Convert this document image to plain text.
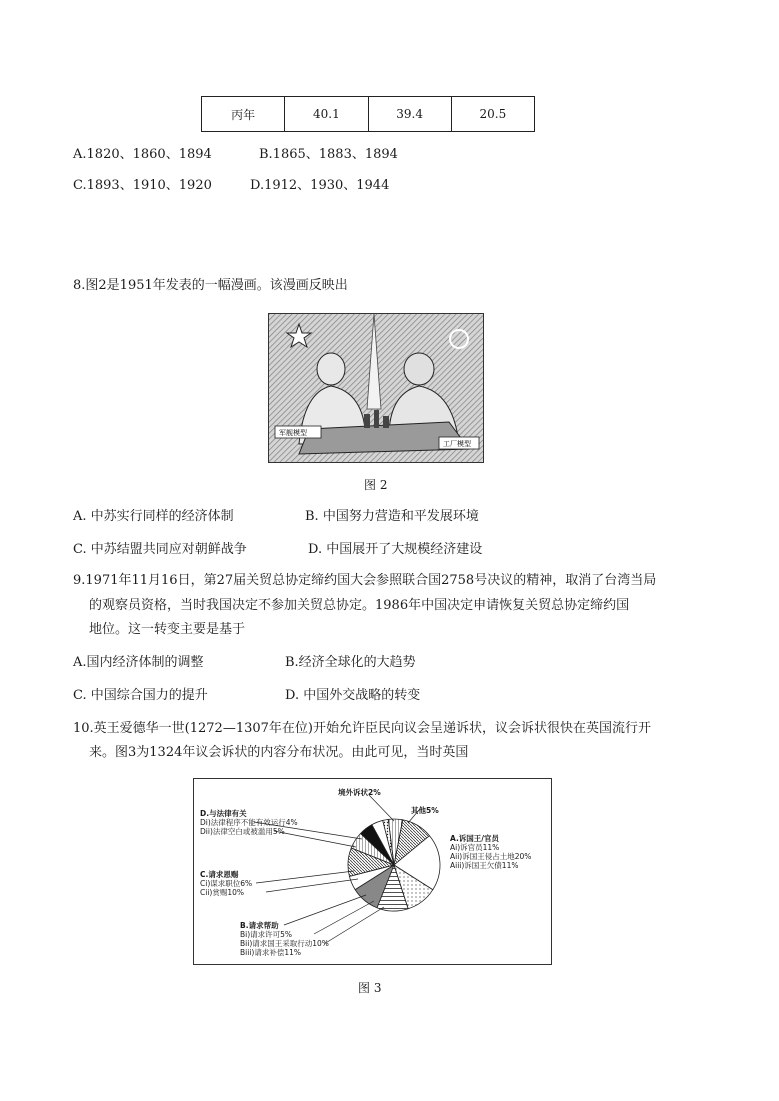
丙年	40.1	39.4	20.5
A.1820、1860、1894	B.1865、1883、1894
C.1893、1910、1920	D.1912、1930、1944
8.图2是1951年发表的一幅漫画。该漫画反映出
军舰模型
工厂模型
图 2
A. 中苏实行同样的经济体制	B. 中国努力营造和平发展环境
C. 中苏结盟共同应对朝鲜战争	D. 中国展开了大规模经济建设
9.1971年11月16日，第27届关贸总协定缔约国大会参照联合国2758号决议的精神，取消了台湾当局
的观察员资格，当时我国决定不参加关贸总协定。1986年中国决定申请恢复关贸总协定缔约国
地位。这一转变主要是基于
A.国内经济体制的调整	B.经济全球化的大趋势
C. 中国综合国力的提升	D. 中国外交战略的转变
10.英王爱德华一世(1272—1307年在位)开始允许臣民向议会呈递诉状，议会诉状很快在英国流行开
来。图3为1324年议会诉状的内容分布状况。由此可见，当时英国
D.与法律有关
Di)法律程序不能有效运行4%
Dii)法律空白或被滥用5%
C.请求恩赐
Ci)谋求职位6%
Cii)赏赐10%
B.请求帮助
Bi)请求许可5%
Bii)请求国王采取行动10%
Biii)请求补偿11%
A.诉国王/官员
Ai)诉官员11%
Aii)诉国王侵占土地20%
Aiii)诉国王欠债11%
境外诉状2%
其他5%
图 3
